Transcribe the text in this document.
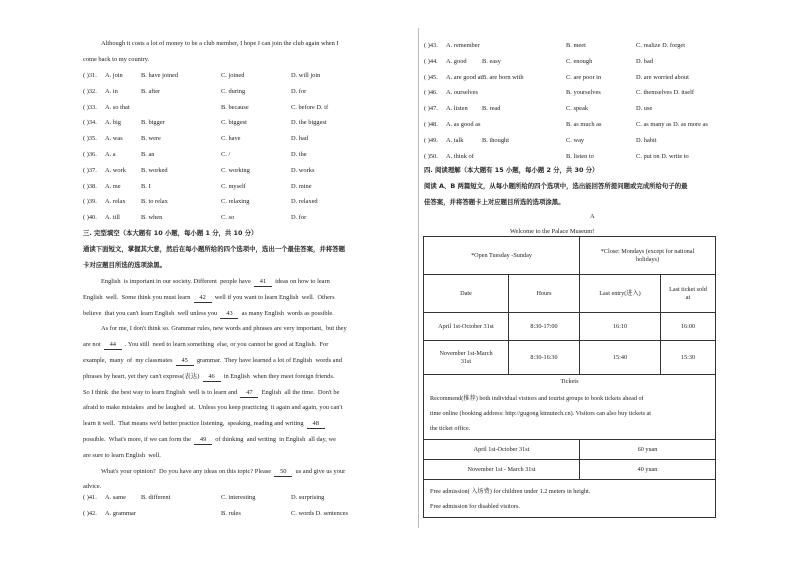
Although it costs a lot of money to be a club member, I hope I can join the club again when I
come back to my country.
( )31. A. join	B. have joined	C. joined	D. will join
( )32. A. in	B. after	C. during	D. for
( )33. A. so that	B. because	C. before D. if
( )34. A. big	B. bigger	C. biggest	D. the biggest
( )35. A. was	B. were	C. have	D. had
( )36. A. a	B. an	C. /	D. the
( )37. A. work B. worked	C. working	D. works
( )38. A. me	B. I	C. myself	D. mine
( )39. A. relax B. to relax	C. relaxing	D. relaxed
( )40. A. till	B. when	C. so	D. for
三. 完型填空（本大题有 10 小题，每小题 1 分，共 10 分）
通读下面短文，掌握其大意，然后在每小题所给的四个选项中，选出一个最佳答案，并将答题
卡对应题目所选的选项涂黑。
English  is important in our society. Different  people have  41  ideas on how to learn
English  well.  Some think you must learn  42  well if you want to learn English  well.  Others
believe  that you can't learn English  well unless you  43  as many English  words as possible.
As for me, I don't think so. Grammar rules, new words and phrases are very important,  but they
are not  44  . You still  need to learn something  else, or you cannot be good at English.  For
example,  many  of  my classmates  45  grammar.  They have learned a lot of English  words and
phrases by heart, yet they can't express(表达)  46  in English  when they meet foreign friends.
So I think  the best way to learn English  well is to learn and  47  English  all the time.  Don't be
afraid to make mistakes  and be laughed  at.  Unless you keep practicing  it again and again, you can't
learn it well.  That means we'd better practice listening,  speaking, reading and writing  48
possible.  What's more, if we can form the  49  of thinking  and writing  in English  all day, we
are sure to learn English  well.
What's your opinion?  Do you have any ideas on this topic? Please  50  us and give us your
advice.
( )41. A. same B. different	C. interesting	D. surprising
( )42. A. grammar	B. rules	C. words D. sentences
( )43. A. remember	B. meet	C. realize D. forget
( )44. A. good B. easy	C. enough	D. bad
( )45. A. are good at B. are born with	C. are poor in	D. are worried about
( )46. A. ourselves	B. yourselves	C. themselves D. itself
( )47. A. listen B. read	C. speak	D. use
( )48. A. as good as	B. as much as	C. as many as D. as more as
( )49. A. talk	B. thought	C. way	D. habit
( )50. A. think of	B. listen to	C. put on D. write to
四. 阅读理解（本大题有 15 小题，每小题 2 分，共 30 分）
阅读 A、B 两篇短文，从每小题所给的四个选项中，选出能回答所提问题或完成所给句子的最
佳答案，并将答题卡上对应题目所选的选项涂黑。
A
Welcome to the Palace Museum!
*Open Tuesday -Sunday		*Close: Mondays (except for national
holidays)	

Date	Hours	Last entry(进入)	Last ticket sold
at

April 1st-October 31st	8:30-17:00	16:10	16:00

November 1st-March
31st	8:30-16:30	15:40	15:30

Tickets
Recommend(推荐) both individual visitors and tourist groups to book tickets ahead of
time online (booking address: http://gugong ktmutech.cn). Visitors can also buy tickets at
the ticket office.			

April 1st-October 31st		60 yuan	
November 1st - March 31st		40 yuan	

Free admission( 入场费) for children under 1.2 meters in height.
Free admission for disabled visitors.			
